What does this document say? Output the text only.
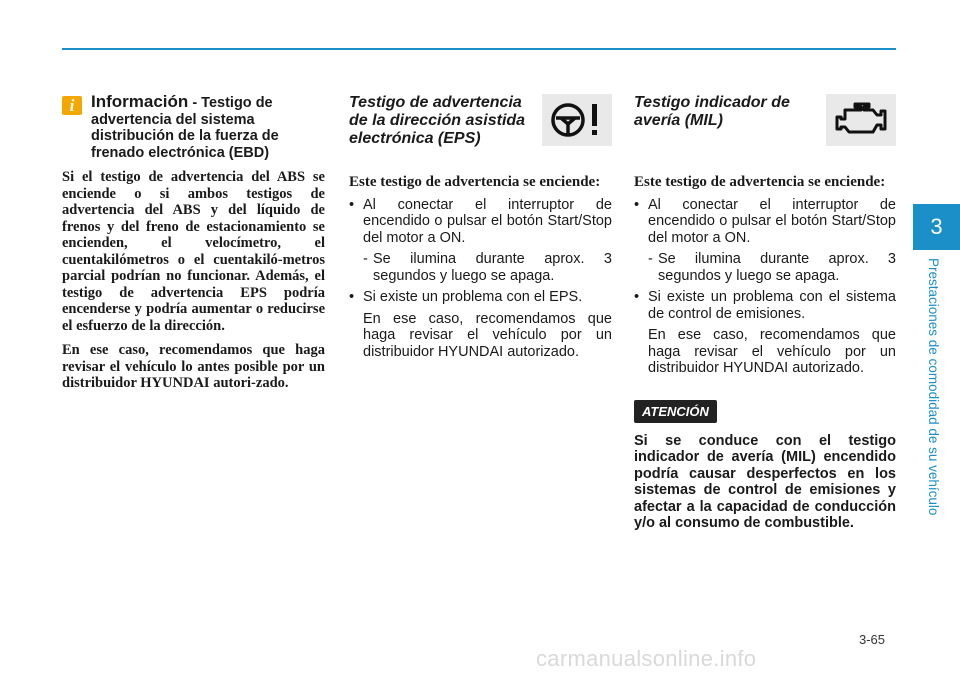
3
Prestaciones de comodidad de su vehículo
i Información - Testigo de advertencia del sistema distribución de la fuerza de frenado electrónica (EBD)

Si el testigo de advertencia del ABS se enciende o si ambos testigos de advertencia del ABS y del líquido de frenos y del freno de estacionamiento se encienden, el velocímetro, el cuentakilómetros o el cuentakiló-metros parcial podrían no funcionar. Además, el testigo de advertencia EPS podría encenderse y podría aumentar o reducirse el esfuerzo de la dirección.

En ese caso, recomendamos que haga revisar el vehículo lo antes posible por un distribuidor HYUNDAI autori-zado.

Testigo de advertencia de la dirección asistida electrónica (EPS)

Este testigo de advertencia se enciende:

• Al conectar el interruptor de encendido o pulsar el botón Start/Stop del motor a ON.

- Se ilumina durante aprox. 3 segundos y luego se apaga.

• Si existe un problema con el EPS.

En ese caso, recomendamos que haga revisar el vehículo por un distribuidor HYUNDAI autorizado.

Testigo indicador de avería (MIL)

Este testigo de advertencia se enciende:

• Al conectar el interruptor de encendido o pulsar el botón Start/Stop del motor a ON.

- Se ilumina durante aprox. 3 segundos y luego se apaga.

• Si existe un problema con el sistema de control de emisiones.

En ese caso, recomendamos que haga revisar el vehículo por un distribuidor HYUNDAI autorizado.

ATENCIÓN
Si se conduce con el testigo indicador de avería (MIL) encendido podría causar desperfectos en los sistemas de control de emisiones y afectar a la capacidad de conducción y/o al consumo de combustible.
3-65
carmanualsonline.info
